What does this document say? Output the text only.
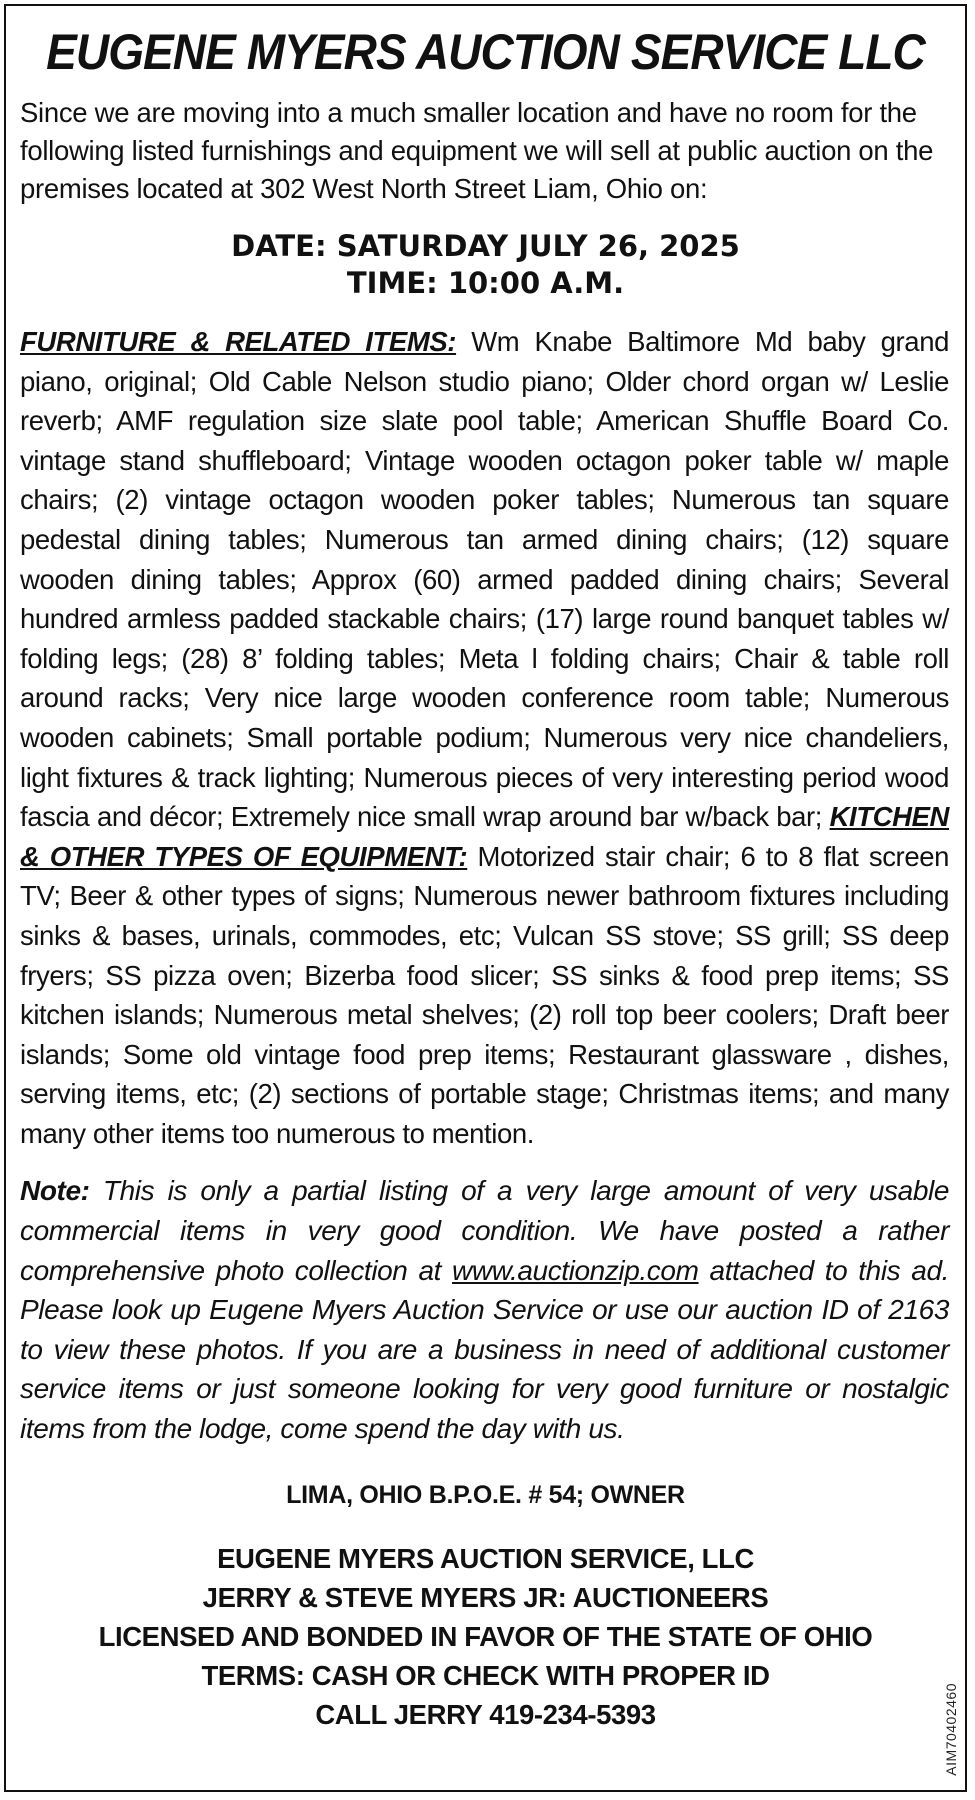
EUGENE MYERS AUCTION SERVICE LLC
Since we are moving into a much smaller location and have no room for the following listed furnishings and equipment we will sell at public auction on the premises located at 302 West North Street Liam, Ohio on:
DATE: SATURDAY JULY 26, 2025
TIME: 10:00 A.M.
FURNITURE & RELATED ITEMS: Wm Knabe Baltimore Md baby grand piano, original; Old Cable Nelson studio piano; Older chord organ w/ Leslie reverb; AMF regulation size slate pool table; American Shuffle Board Co. vintage stand shuffleboard; Vintage wooden octagon poker table w/ maple chairs; (2) vintage octagon wooden poker tables; Numerous tan square pedestal dining tables; Numerous tan armed dining chairs; (12) square wooden dining tables; Approx (60) armed padded dining chairs; Several hundred armless padded stackable chairs; (17) large round banquet tables w/ folding legs; (28) 8’ folding tables; Meta l folding chairs; Chair & table roll around racks; Very nice large wooden conference room table; Numerous wooden cabinets; Small portable podium; Numerous very nice chandeliers, light fixtures & track lighting; Numerous pieces of very interesting period wood fascia and décor; Extremely nice small wrap around bar w/back bar; KITCHEN & OTHER TYPES OF EQUIPMENT: Motorized stair chair; 6 to 8 flat screen TV; Beer & other types of signs; Numerous newer bathroom fixtures including sinks & bases, urinals, commodes, etc; Vulcan SS stove; SS grill; SS deep fryers; SS pizza oven; Bizerba food slicer; SS sinks & food prep items; SS kitchen islands; Numerous metal shelves; (2) roll top beer coolers; Draft beer islands; Some old vintage food prep items; Restaurant glassware , dishes, serving items, etc; (2) sections of portable stage; Christmas items; and many many other items too numerous to mention.
Note: This is only a partial listing of a very large amount of very usable commercial items in very good condition. We have posted a rather comprehensive photo collection at www.auctionzip.com attached to this ad. Please look up Eugene Myers Auction Service or use our auction ID of 2163 to view these photos. If you are a business in need of additional customer service items or just someone looking for very good furniture or nostalgic items from the lodge, come spend the day with us.
LIMA, OHIO B.P.O.E. # 54; OWNER
EUGENE MYERS AUCTION SERVICE, LLC
JERRY & STEVE MYERS JR: AUCTIONEERS
LICENSED AND BONDED IN FAVOR OF THE STATE OF OHIO
TERMS: CASH OR CHECK WITH PROPER ID
CALL JERRY 419-234-5393	AIM70402460
